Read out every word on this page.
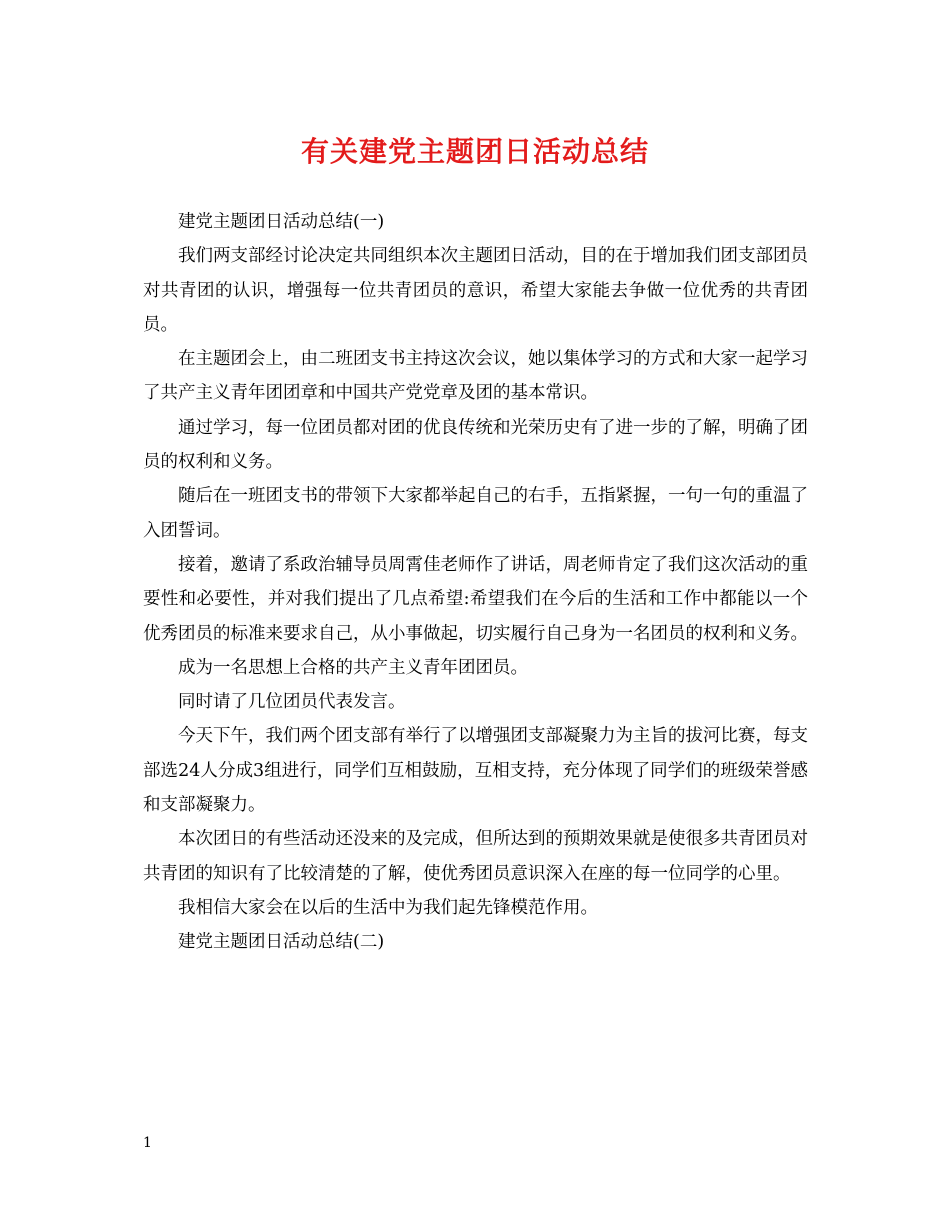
有关建党主题团日活动总结

建党主题团日活动总结(一)

我们两支部经讨论决定共同组织本次主题团日活动，目的在于增加我们团支部团员对共青团的认识，增强每一位共青团员的意识，希望大家能去争做一位优秀的共青团员。

在主题团会上，由二班团支书主持这次会议，她以集体学习的方式和大家一起学习了共产主义青年团团章和中国共产党党章及团的基本常识。

通过学习，每一位团员都对团的优良传统和光荣历史有了进一步的了解，明确了团员的权利和义务。

随后在一班团支书的带领下大家都举起自己的右手，五指紧握，一句一句的重温了入团誓词。

接着，邀请了系政治辅导员周霄佳老师作了讲话，周老师肯定了我们这次活动的重要性和必要性，并对我们提出了几点希望:希望我们在今后的生活和工作中都能以一个优秀团员的标准来要求自己，从小事做起，切实履行自己身为一名团员的权利和义务。

成为一名思想上合格的共产主义青年团团员。

同时请了几位团员代表发言。

今天下午，我们两个团支部有举行了以增强团支部凝聚力为主旨的拔河比赛，每支部选24人分成3组进行，同学们互相鼓励，互相支持，充分体现了同学们的班级荣誉感和支部凝聚力。

本次团日的有些活动还没来的及完成，但所达到的预期效果就是使很多共青团员对共青团的知识有了比较清楚的了解，使优秀团员意识深入在座的每一位同学的心里。

我相信大家会在以后的生活中为我们起先锋模范作用。

建党主题团日活动总结(二)

1
